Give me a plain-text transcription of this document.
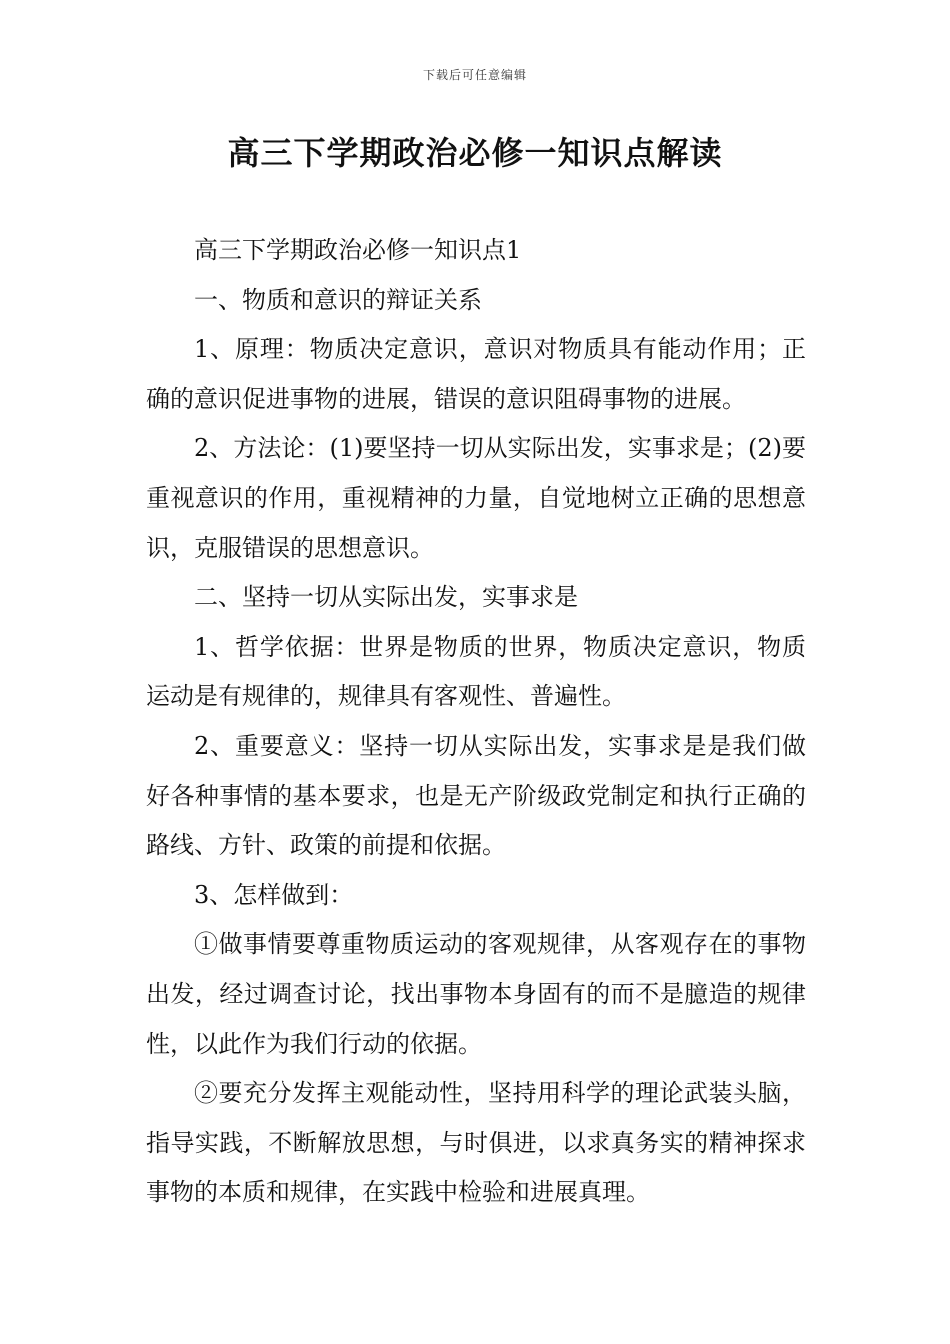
下载后可任意编辑
高三下学期政治必修一知识点解读

高三下学期政治必修一知识点1

一、物质和意识的辩证关系

1、原理：物质决定意识，意识对物质具有能动作用；正确的意识促进事物的进展，错误的意识阻碍事物的进展。

2、方法论：(1)要坚持一切从实际出发，实事求是；(2)要重视意识的作用，重视精神的力量，自觉地树立正确的思想意识，克服错误的思想意识。

二、坚持一切从实际出发，实事求是

1、哲学依据：世界是物质的世界，物质决定意识，物质运动是有规律的，规律具有客观性、普遍性。

2、重要意义：坚持一切从实际出发，实事求是是我们做好各种事情的基本要求，也是无产阶级政党制定和执行正确的路线、方针、政策的前提和依据。

3、怎样做到：

①做事情要尊重物质运动的客观规律，从客观存在的事物出发，经过调查讨论，找出事物本身固有的而不是臆造的规律性，以此作为我们行动的依据。

②要充分发挥主观能动性，坚持用科学的理论武装头脑，指导实践，不断解放思想，与时俱进，以求真务实的精神探求事物的本质和规律，在实践中检验和进展真理。
